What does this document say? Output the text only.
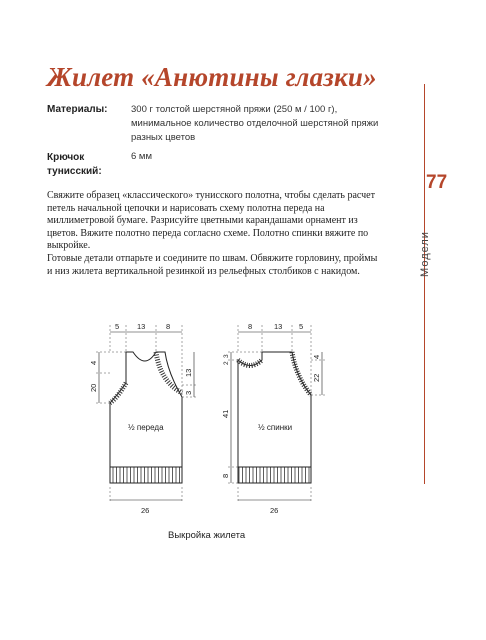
Жилет «Анютины глазки»
Материалы: 300 г толстой шерстяной пряжи (250 м / 100 г), минимальное количество отделочной шерстяной пряжи разных цветов
Крючок тунисский:
6 мм

Свяжите образец «классического» тунисского полотна, чтобы сделать расчет петель начальной цепочки и нарисовать схему полотна переда на миллиметровой бумаге. Разрисуйте цветными карандашами орнамент из цветов. Вяжите полотно переда согласно схеме. Полотно спинки вяжите по выкройке.

Готовые детали отпарьте и соедините по швам. Обвяжите горловину, проймы и низ жилета вертикальной резинкой из рельефных столбиков с накидом.

77
Модели
½ переда
5 13	8
4
20
13
3
26
½ спинки
8	13 5
3
2
41
8
4
22
26
Выкройка жилета
